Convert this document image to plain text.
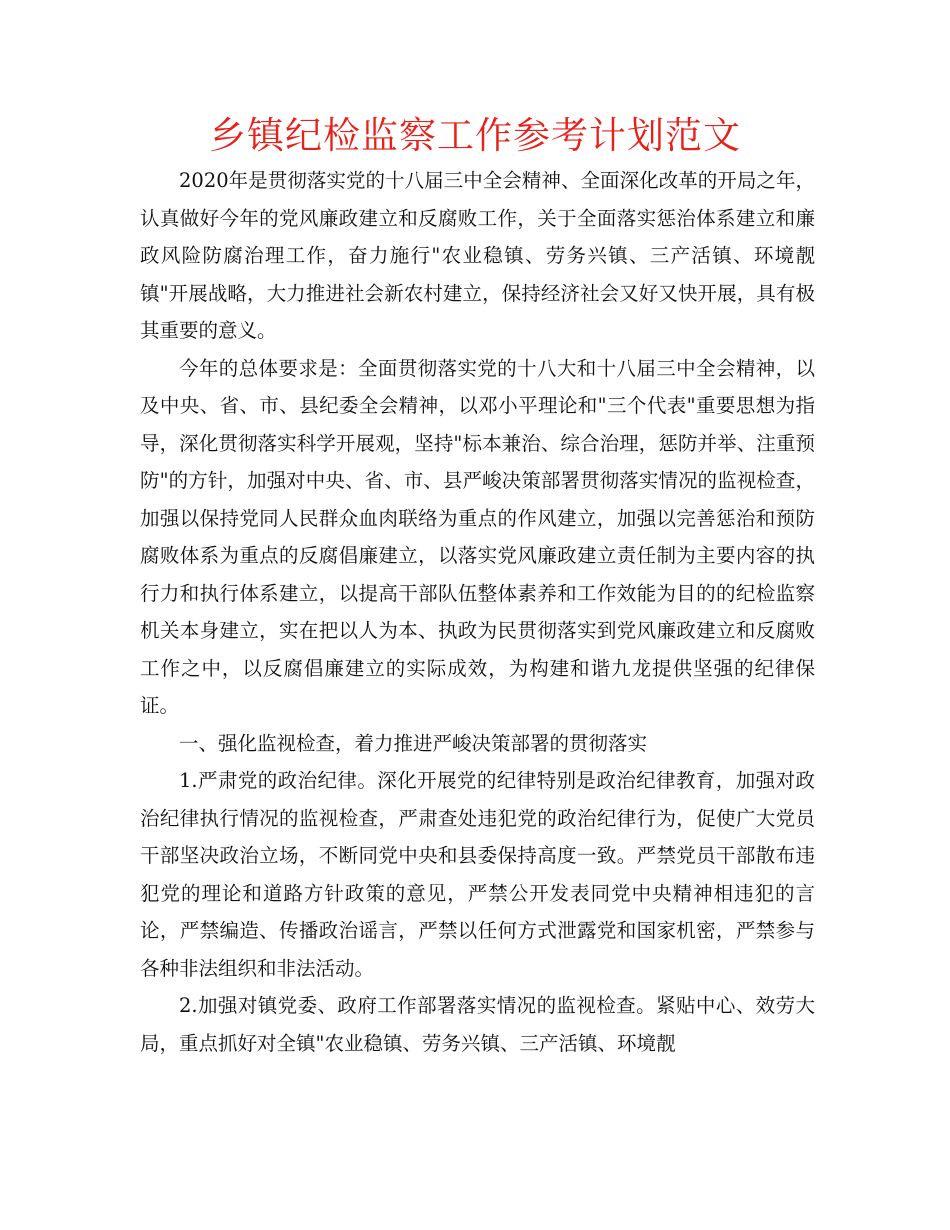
乡镇纪检监察工作参考计划范文

2020年是贯彻落实党的十八届三中全会精神、全面深化改革的开局之年，认真做好今年的党风廉政建立和反腐败工作，关于全面落实惩治体系建立和廉政风险防腐治理工作，奋力施行"农业稳镇、劳务兴镇、三产活镇、环境靓镇"开展战略，大力推进社会新农村建立，保持经济社会又好又快开展，具有极其重要的意义。

今年的总体要求是：全面贯彻落实党的十八大和十八届三中全会精神，以及中央、省、市、县纪委全会精神，以邓小平理论和"三个代表"重要思想为指导，深化贯彻落实科学开展观，坚持"标本兼治、综合治理，惩防并举、注重预防"的方针，加强对中央、省、市、县严峻决策部署贯彻落实情况的监视检查，加强以保持党同人民群众血肉联络为重点的作风建立，加强以完善惩治和预防腐败体系为重点的反腐倡廉建立，以落实党风廉政建立责任制为主要内容的执行力和执行体系建立，以提高干部队伍整体素养和工作效能为目的的纪检监察机关本身建立，实在把以人为本、执政为民贯彻落实到党风廉政建立和反腐败工作之中，以反腐倡廉建立的实际成效，为构建和谐九龙提供坚强的纪律保证。

一、强化监视检查，着力推进严峻决策部署的贯彻落实

1.严肃党的政治纪律。深化开展党的纪律特别是政治纪律教育，加强对政治纪律执行情况的监视检查，严肃查处违犯党的政治纪律行为，促使广大党员干部坚决政治立场，不断同党中央和县委保持高度一致。严禁党员干部散布违犯党的理论和道路方针政策的意见，严禁公开发表同党中央精神相违犯的言论，严禁编造、传播政治谣言，严禁以任何方式泄露党和国家机密，严禁参与各种非法组织和非法活动。

2.加强对镇党委、政府工作部署落实情况的监视检查。紧贴中心、效劳大局，重点抓好对全镇"农业稳镇、劳务兴镇、三产活镇、环境靓
